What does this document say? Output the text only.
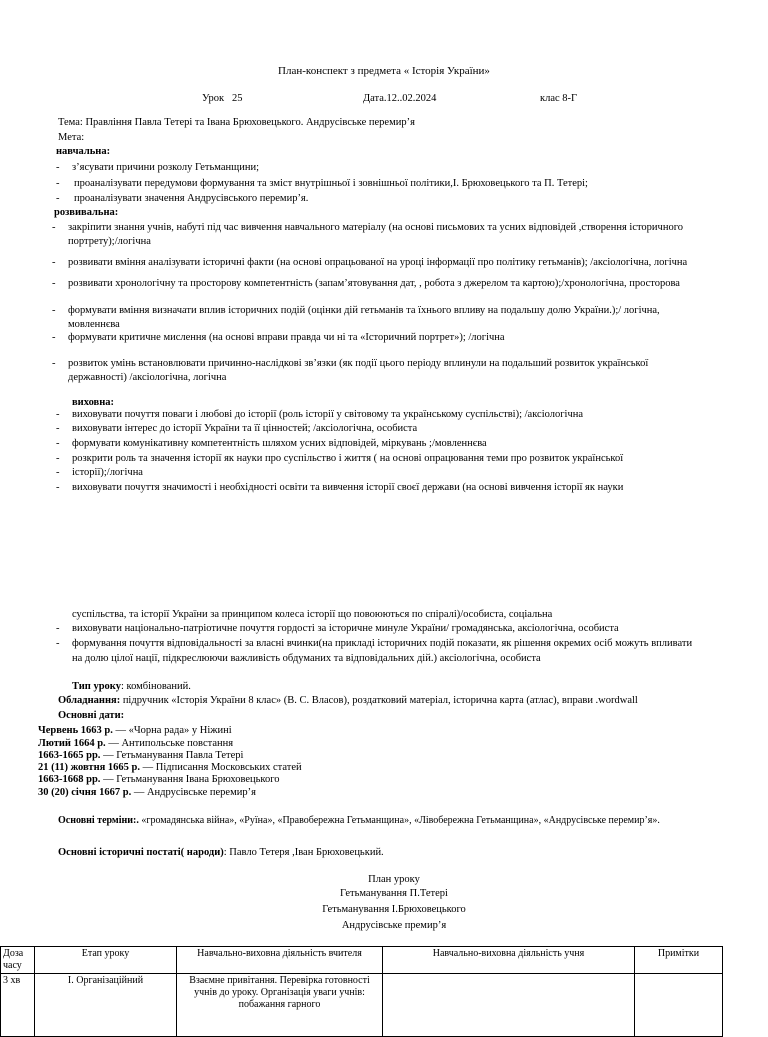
План-конспект з предмета « Історія України»
Урок 25	Дата.12..02.2024	клас 8-Г
Тема: Правління Павла Тетері та Івана Брюховецького. Андрусівське перемир’я
Мета:
навчальна:
- з’ясувати причини розколу Гетьманщини;
- проаналізувати передумови формування та зміст внутрішньої і зовнішньої політики,І. Брюховецького та П. Тетері;
- проаналізувати значення Андрусівського перемир’я.
розвивальна:
- закріпити знання учнів, набуті під час вивчення навчального матеріалу (на основі письмових та усних відповідей ,створення історичного
портрету);/логічна
- розвивати вміння аналізувати історичні факти (на основі опрацьованої на уроці інформації про політику гетьманів); /аксіологічна, логічна
- розвивати хронологічну та просторову компетентність (запам’ятовування дат, , робота з джерелом та картою);/хронологічна, просторова
- формувати вміння визначати вплив історичних подій (оцінки дій гетьманів та їхнього впливу на подальшу долю України.);/ логічна,
мовленнєва
- формувати критичне мислення (на основі вправи правда чи ні та «Історичний портрет»); /логічна
- розвиток умінь встановлювати причинно-наслідкові зв’язки (як події цього періоду вплинули на подальший розвиток української
державності) /аксіологічна, логічна
виховна:
- виховувати почуття поваги і любові до історії (роль історії у світовому та українському суспільстві); /аксіологічна
- виховувати інтерес до історії України та її цінностей; /аксіологічна, особиста
- формувати комунікативну компетентність шляхом усних відповідей, міркувань ;/мовленнєва
- розкрити роль та значення історії як науки про суспільство і життя ( на основі опрацювання теми про розвиток української
- історії);/логічна
- виховувати почуття значимості і необхідності освіти та вивчення історії своєї держави (на основі вивчення історії як науки
суспільства, та історії України за принципом колеса історії що повоюються по спіралі)/особиста, соціальна
- виховувати національно-патріотичне почуття гордості за історичне минуле України/ громадянська, аксіологічна, особиста
- формування почуття відповідальності за власні вчинки(на прикладі історичних подій показати, як рішення окремих осіб можуть впливати
на долю цілої нації, підкреслюючи важливість обдуманих та відповідальних дій.) аксіологічна, особиста
Тип уроку: комбінований.
Обладнання: підручник «Історія України 8 клас» (В. С. Власов), роздатковий матеріал, історична карта (атлас), вправи .wordwall
Основні дати:
Червень 1663 р. — «Чорна рада» у Ніжині
Лютий 1664 р. — Антипольське повстання
1663-1665 рр. — Гетьманування Павла Тетері
21 (11) жовтня 1665 р. — Підписання Московських статей
1663-1668 рр. — Гетьманування Івана Брюховецького
30 (20) січня 1667 р. — Андрусівське перемир’я
Основні терміни:. «громадянська війна», «Руїна», «Правобережна Гетьманщина», «Лівобережна Гетьманщина», «Андрусівське перемир’я».
Основні історичні постаті( народи): Павло Тетеря ,Іван Брюховецький.
План уроку
Гетьманування П.Тетері
Гетьманування І.Брюховецького
Андрусівське премир’я
Доза часу	Етап уроку	Навчально-виховна діяльність вчителя	Навчально-виховна діяльність учня	Примітки
3 хв	І. Організаційний	Взаємне привітання. Перевірка готовності учнів до уроку. Організація уваги учнів: побажання гарного		
